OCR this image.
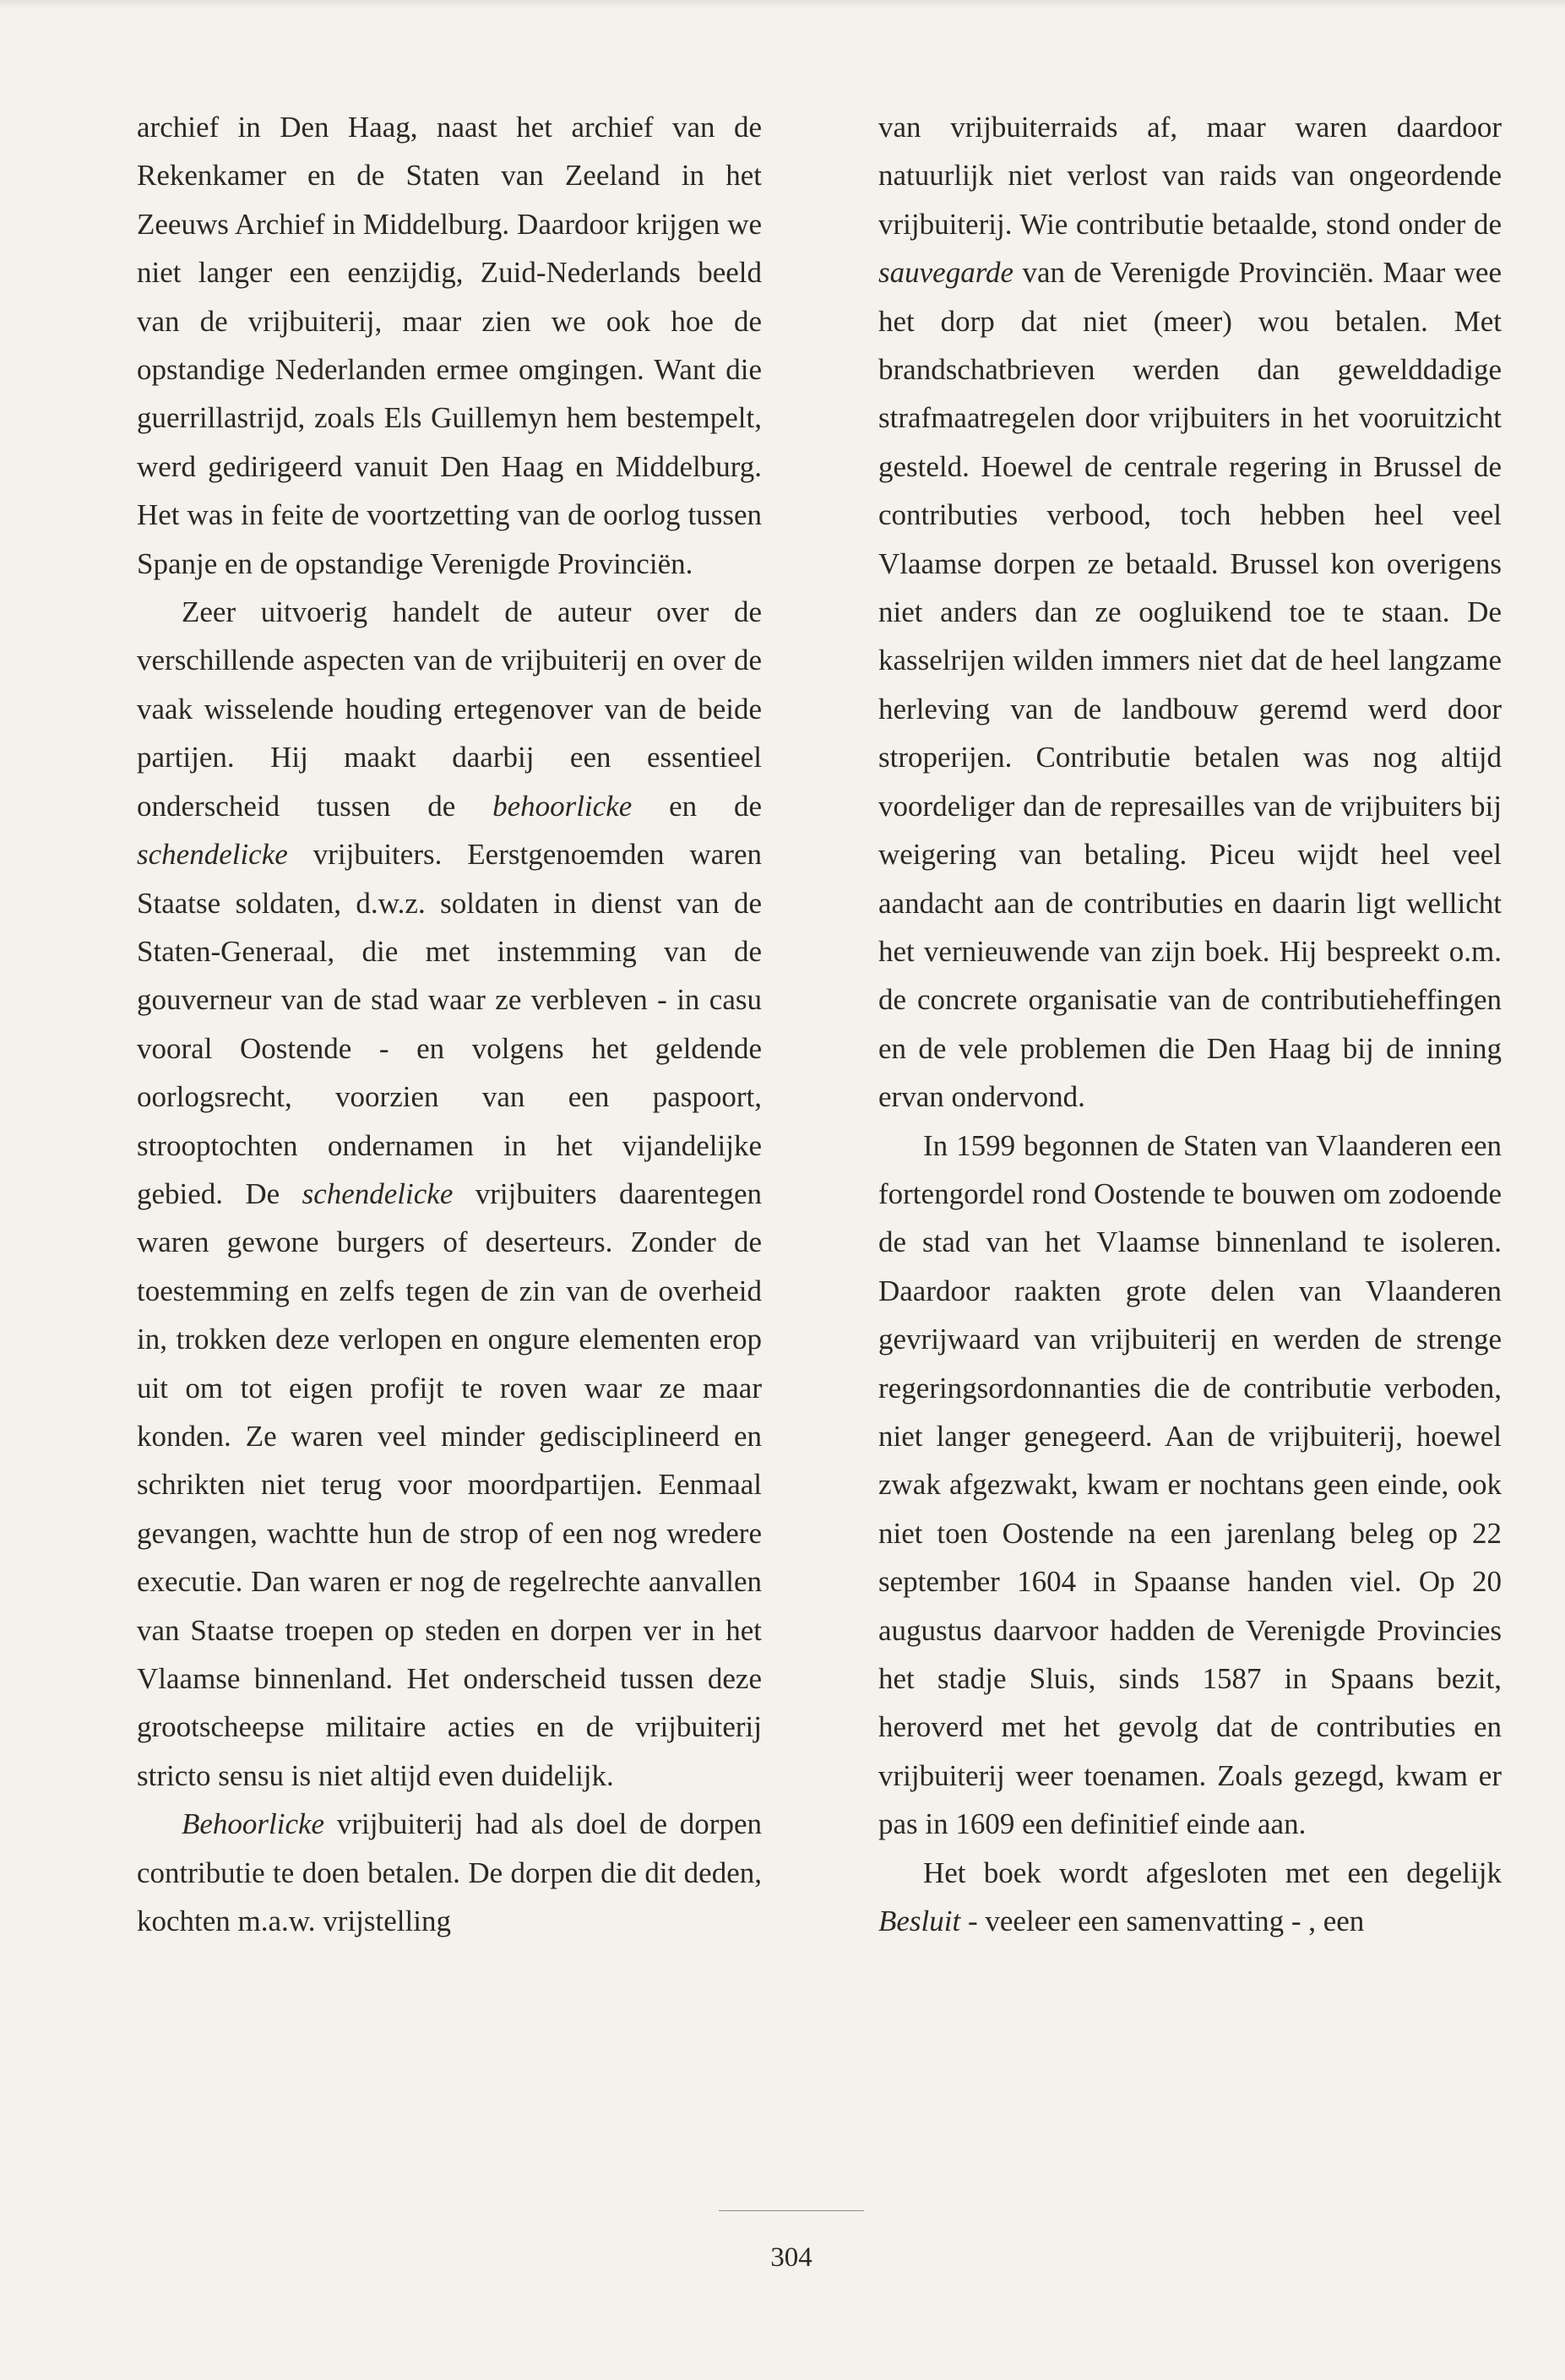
archief in Den Haag, naast het archief van de Rekenkamer en de Staten van Zeeland in het Zeeuws Archief in Middelburg. Daardoor krijgen we niet langer een eenzijdig, Zuid-Nederlands beeld van de vrijbuiterij, maar zien we ook hoe de opstandige Nederlanden ermee omgingen. Want die guerrillastrijd, zoals Els Guillemyn hem bestempelt, werd gedirigeerd vanuit Den Haag en Middelburg. Het was in feite de voortzetting van de oorlog tussen Spanje en de opstandige Verenigde Provinciën.

Zeer uitvoerig handelt de auteur over de verschillende aspecten van de vrijbuiterij en over de vaak wisselende houding ertegenover van de beide partijen. Hij maakt daarbij een essentieel onderscheid tussen de behoorlicke en de schendelicke vrijbuiters. Eerstgenoemden waren Staatse soldaten, d.w.z. soldaten in dienst van de Staten-Generaal, die met instemming van de gouverneur van de stad waar ze verbleven - in casu vooral Oostende - en volgens het geldende oorlogsrecht, voorzien van een paspoort, strooptochten ondernamen in het vijandelijke gebied. De schendelicke vrijbuiters daarentegen waren gewone burgers of deserteurs. Zonder de toestemming en zelfs tegen de zin van de overheid in, trokken deze verlopen en ongure elementen erop uit om tot eigen profijt te roven waar ze maar konden. Ze waren veel minder gedisciplineerd en schrikten niet terug voor moordpartijen. Eenmaal gevangen, wachtte hun de strop of een nog wredere executie. Dan waren er nog de regelrechte aanvallen van Staatse troepen op steden en dorpen ver in het Vlaamse binnenland. Het onderscheid tussen deze grootscheepse militaire acties en de vrijbuiterij stricto sensu is niet altijd even duidelijk.

Behoorlicke vrijbuiterij had als doel de dorpen contributie te doen betalen. De dorpen die dit deden, kochten m.a.w. vrijstelling

van vrijbuiterraids af, maar waren daardoor natuurlijk niet verlost van raids van ongeordende vrijbuiterij. Wie contributie betaalde, stond onder de sauvegarde van de Verenigde Provinciën. Maar wee het dorp dat niet (meer) wou betalen. Met brandschatbrieven werden dan gewelddadige strafmaatregelen door vrijbuiters in het vooruitzicht gesteld. Hoewel de centrale regering in Brussel de contributies verbood, toch hebben heel veel Vlaamse dorpen ze betaald. Brussel kon overigens niet anders dan ze oogluikend toe te staan. De kasselrijen wilden immers niet dat de heel langzame herleving van de landbouw geremd werd door stroperijen. Contributie betalen was nog altijd voordeliger dan de represailles van de vrijbuiters bij weigering van betaling. Piceu wijdt heel veel aandacht aan de contributies en daarin ligt wellicht het vernieuwende van zijn boek. Hij bespreekt o.m. de concrete organisatie van de contributieheffingen en de vele problemen die Den Haag bij de inning ervan ondervond.

In 1599 begonnen de Staten van Vlaanderen een fortengordel rond Oostende te bouwen om zodoende de stad van het Vlaamse binnenland te isoleren. Daardoor raakten grote delen van Vlaanderen gevrijwaard van vrijbuiterij en werden de strenge regeringsordonnanties die de contributie verboden, niet langer genegeerd. Aan de vrijbuiterij, hoewel zwak afgezwakt, kwam er nochtans geen einde, ook niet toen Oostende na een jarenlang beleg op 22 september 1604 in Spaanse handen viel. Op 20 augustus daarvoor hadden de Verenigde Provincies het stadje Sluis, sinds 1587 in Spaans bezit, heroverd met het gevolg dat de contributies en vrijbuiterij weer toenamen. Zoals gezegd, kwam er pas in 1609 een definitief einde aan.

Het boek wordt afgesloten met een degelijk Besluit - veeleer een samenvatting - , een

304
